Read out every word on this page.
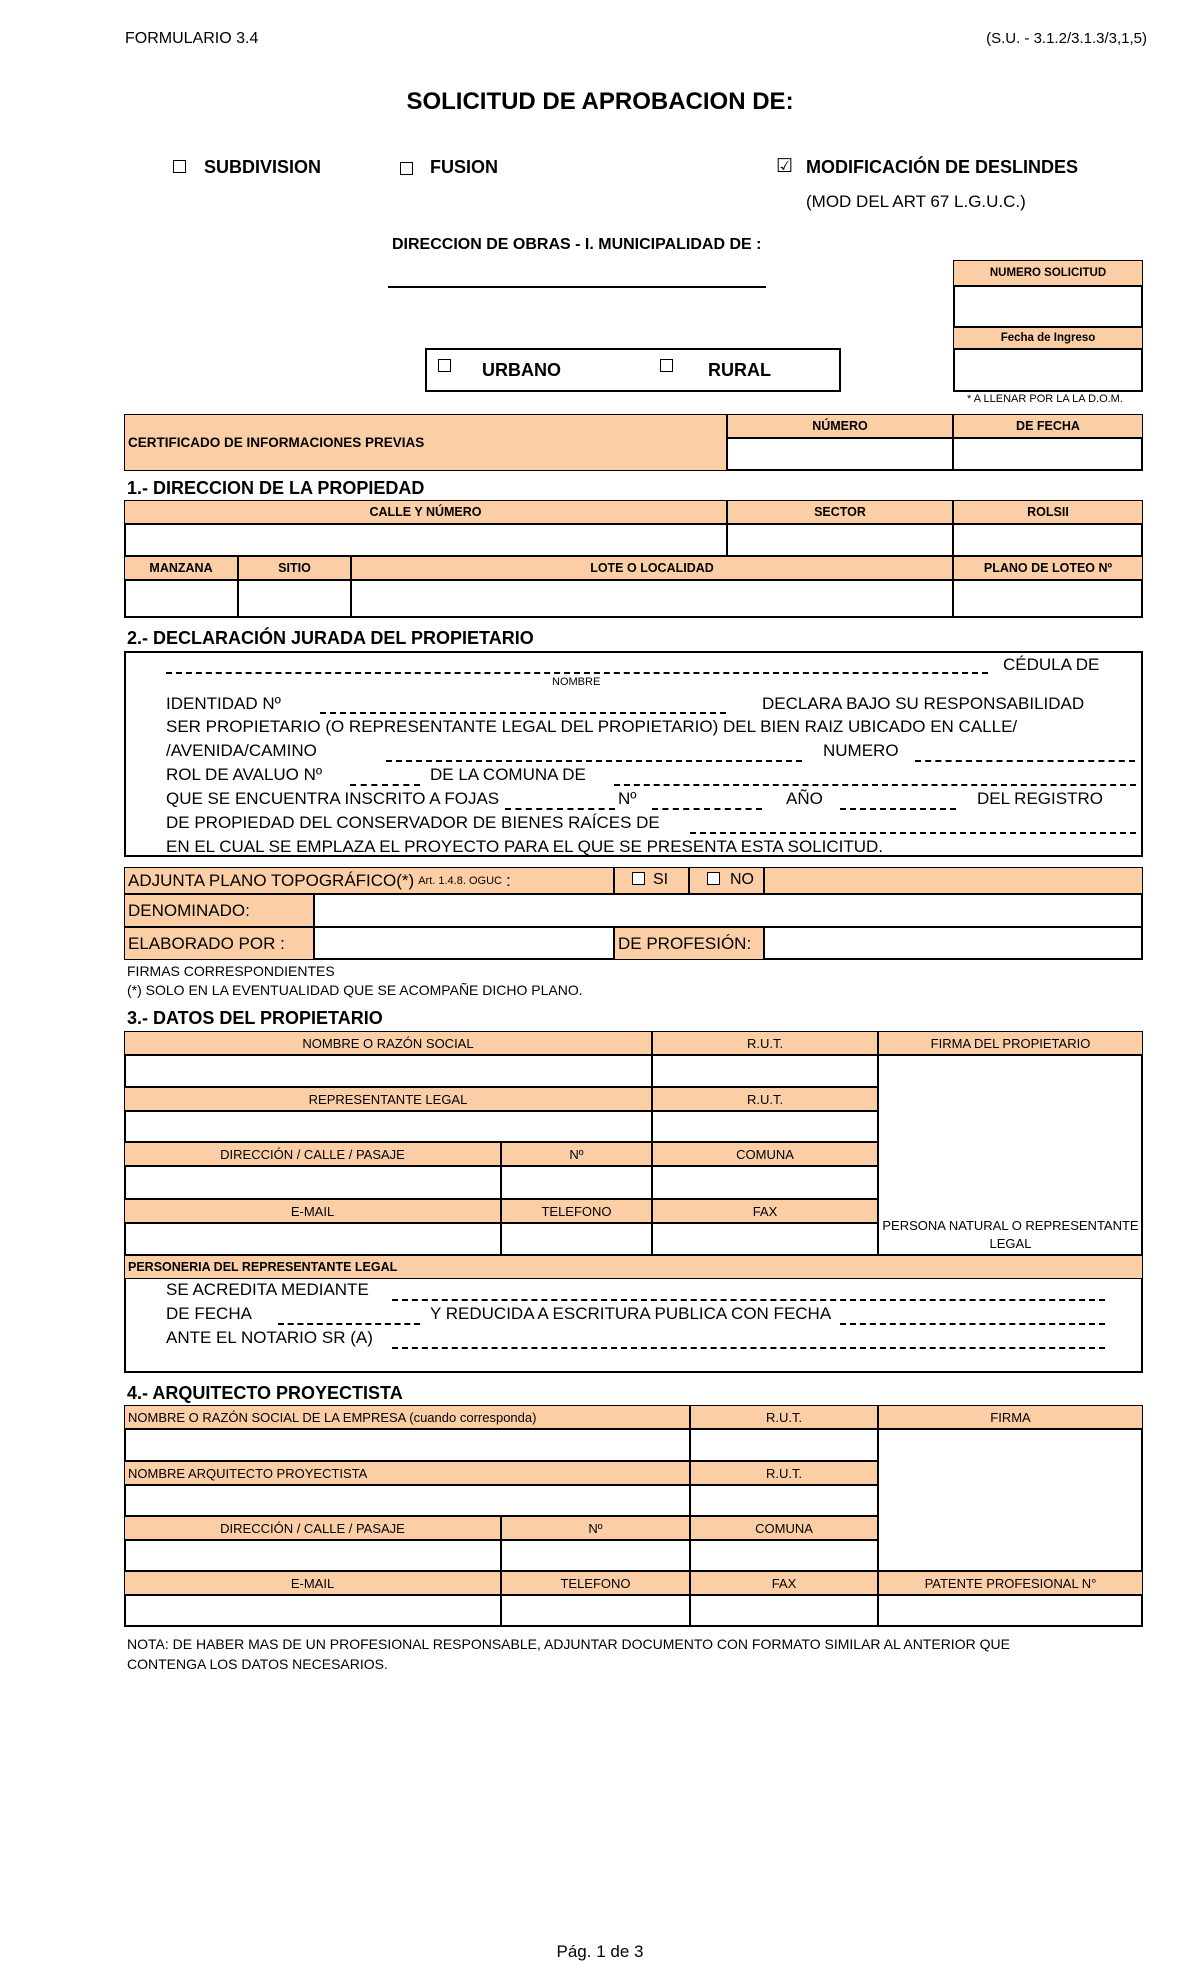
FORMULARIO 3.4	(S.U. - 3.1.2/3.1.3/3,1,5)
SOLICITUD DE APROBACION DE:
SUBDIVISION	FUSION	☑ MODIFICACIÓN DE DESLINDES
(MOD DEL ART 67 L.G.U.C.)
DIRECCION DE OBRAS - I. MUNICIPALIDAD DE :
URBANO	RURAL
NUMERO SOLICITUD
Fecha de Ingreso
* A LLENAR POR LA LA D.O.M.
CERTIFICADO DE INFORMACIONES PREVIAS
NÚMERO	DE FECHA
1.- DIRECCION DE LA PROPIEDAD
CALLE Y NÚMERO	SECTOR	ROLSII
MANZANA	SITIO	LOTE O LOCALIDAD	PLANO DE LOTEO Nº
2.- DECLARACIÓN JURADA DEL PROPIETARIO
CÉDULA DE
NOMBRE
IDENTIDAD Nº	DECLARA BAJO SU RESPONSABILIDAD
SER PROPIETARIO (O REPRESENTANTE LEGAL DEL PROPIETARIO) DEL BIEN RAIZ UBICADO EN CALLE/
/AVENIDA/CAMINO	NUMERO
ROL DE AVALUO Nº	DE LA COMUNA DE
QUE SE ENCUENTRA INSCRITO A FOJAS	Nº	AÑO	DEL REGISTRO
DE PROPIEDAD DEL CONSERVADOR DE BIENES RAÍCES DE
EN EL CUAL SE EMPLAZA EL PROYECTO PARA EL QUE SE PRESENTA ESTA SOLICITUD.
ADJUNTA PLANO TOPOGRÁFICO(*) Art. 1.4.8. OGUC :	SI	NO
DENOMINADO:
ELABORADO POR :	DE PROFESIÓN:
FIRMAS CORRESPONDIENTES
(*) SOLO EN LA EVENTUALIDAD QUE SE ACOMPAÑE DICHO PLANO.
3.- DATOS DEL PROPIETARIO
NOMBRE O RAZÓN SOCIAL	R.U.T.	FIRMA DEL PROPIETARIO
PERSONA NATURAL O REPRESENTANTE
LEGAL
REPRESENTANTE LEGAL	R.U.T.
DIRECCIÓN / CALLE / PASAJE	Nº	COMUNA
E-MAIL	TELEFONO	FAX
PERSONERIA DEL REPRESENTANTE LEGAL
SE ACREDITA MEDIANTE
DE FECHA	Y REDUCIDA A ESCRITURA PUBLICA CON FECHA
ANTE EL NOTARIO SR (A)
4.- ARQUITECTO PROYECTISTA
NOMBRE O RAZÓN SOCIAL DE LA EMPRESA (cuando corresponda)	R.U.T.	FIRMA
NOMBRE ARQUITECTO PROYECTISTA	R.U.T.
DIRECCIÓN / CALLE / PASAJE	Nº	COMUNA
E-MAIL	TELEFONO	FAX	PATENTE PROFESIONAL N°
NOTA: DE HABER MAS DE UN PROFESIONAL RESPONSABLE, ADJUNTAR DOCUMENTO CON FORMATO SIMILAR AL ANTERIOR QUE
CONTENGA LOS DATOS NECESARIOS.
Pág. 1 de 3
